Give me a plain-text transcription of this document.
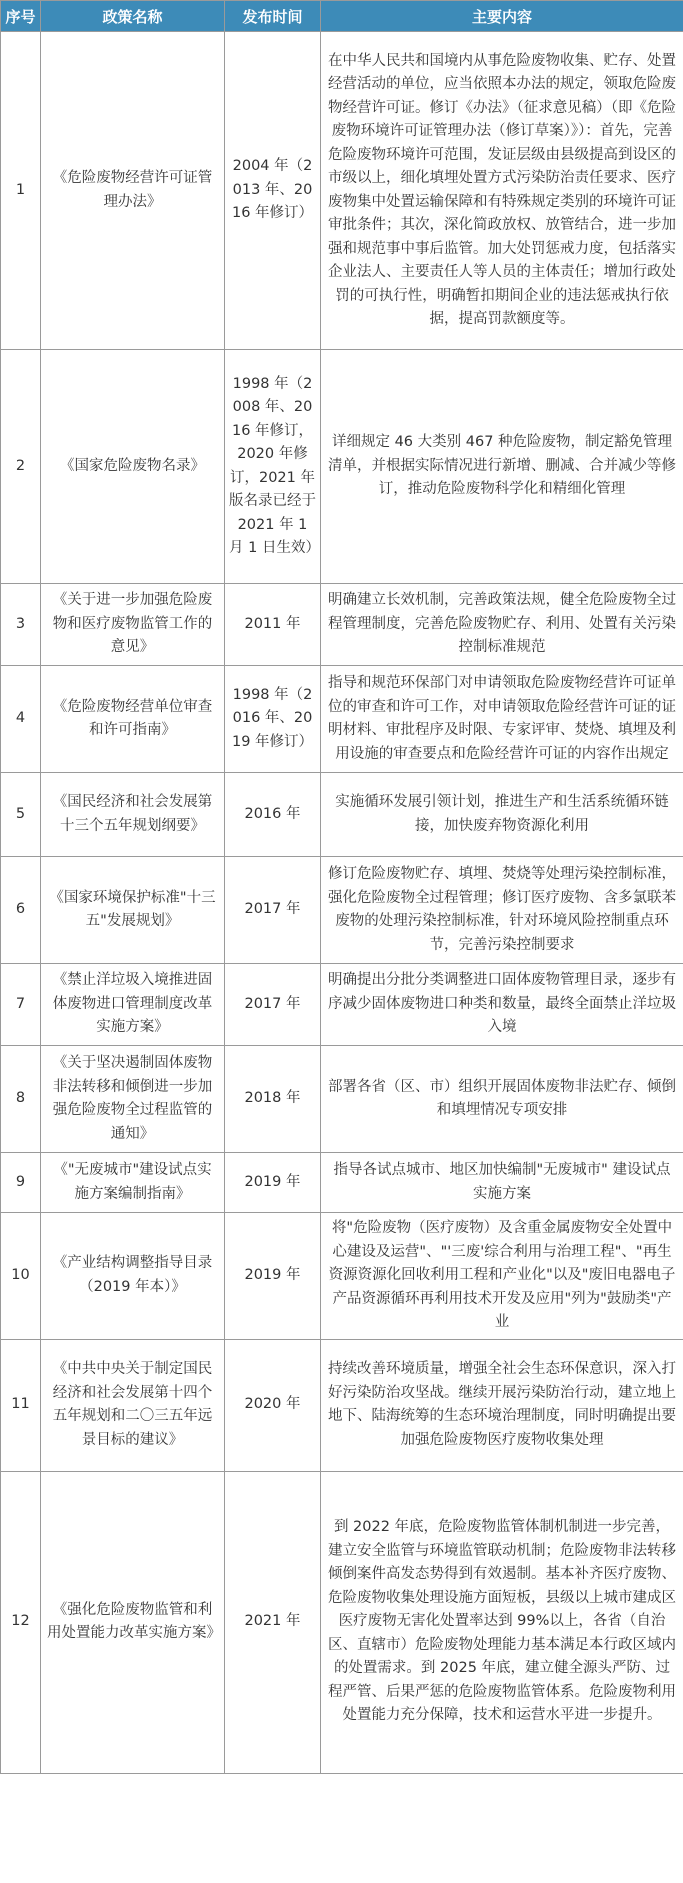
序号	政策名称	发布时间	主要内容
1	《危险废物经营许可证管理办法》	2004 年（2013 年、2016 年修订）	在中华人民共和国境内从事危险废物收集、贮存、处置经营活动的单位，应当依照本办法的规定，领取危险废物经营许可证。修订《办法》（征求意见稿）（即《危险废物环境许可证管理办法（修订草案）》）：首先，完善危险废物环境许可范围，发证层级由县级提高到设区的市级以上，细化填埋处置方式污染防治责任要求、医疗废物集中处置运输保障和有特殊规定类别的环境许可证审批条件；其次，深化简政放权、放管结合，进一步加强和规范事中事后监管。加大处罚惩戒力度，包括落实企业法人、主要责任人等人员的主体责任；增加行政处罚的可执行性，明确暂扣期间企业的违法惩戒执行依据，提高罚款额度等。
2	《国家危险废物名录》	1998 年（2008 年、2016 年修订，2020 年修订，2021 年版名录已经于 2021 年 1 月 1 日生效）	详细规定 46 大类别 467 种危险废物，制定豁免管理清单，并根据实际情况进行新增、删减、合并减少等修订，推动危险废物科学化和精细化管理
3	《关于进一步加强危险废物和医疗废物监管工作的意见》	2011 年	明确建立长效机制，完善政策法规，健全危险废物全过程管理制度，完善危险废物贮存、利用、处置有关污染控制标准规范
4	《危险废物经营单位审查和许可指南》	1998 年（2016 年、2019 年修订）	指导和规范环保部门对申请领取危险废物经营许可证单位的审查和许可工作，对申请领取危险经营许可证的证明材料、审批程序及时限、专家评审、焚烧、填埋及利用设施的审查要点和危险经营许可证的内容作出规定
5	《国民经济和社会发展第十三个五年规划纲要》	2016 年	实施循环发展引领计划，推进生产和生活系统循环链接，加快废弃物资源化利用
6	《国家环境保护标准"十三五"发展规划》	2017 年	修订危险废物贮存、填埋、焚烧等处理污染控制标准，强化危险废物全过程管理；修订医疗废物、含多氯联苯废物的处理污染控制标准，针对环境风险控制重点环节，完善污染控制要求
7	《禁止洋垃圾入境推进固体废物进口管理制度改革实施方案》	2017 年	明确提出分批分类调整进口固体废物管理目录，逐步有序减少固体废物进口种类和数量，最终全面禁止洋垃圾入境
8	《关于坚决遏制固体废物非法转移和倾倒进一步加强危险废物全过程监管的通知》	2018 年	部署各省（区、市）组织开展固体废物非法贮存、倾倒和填埋情况专项安排
9	《"无废城市"建设试点实施方案编制指南》	2019 年	指导各试点城市、地区加快编制"无废城市" 建设试点实施方案
10	《产业结构调整指导目录（2019 年本）》	2019 年	将"危险废物（医疗废物）及含重金属废物安全处置中心建设及运营"、"'三废'综合利用与治理工程"、"再生资源资源化回收利用工程和产业化"以及"废旧电器电子产品资源循环再利用技术开发及应用"列为"鼓励类"产业
11	《中共中央关于制定国民经济和社会发展第十四个五年规划和二〇三五年远景目标的建议》	2020 年	持续改善环境质量，增强全社会生态环保意识，深入打好污染防治攻坚战。继续开展污染防治行动，建立地上地下、陆海统筹的生态环境治理制度，同时明确提出要加强危险废物医疗废物收集处理
12	《强化危险废物监管和利用处置能力改革实施方案》	2021 年	到 2022 年底，危险废物监管体制机制进一步完善，建立安全监管与环境监管联动机制；危险废物非法转移倾倒案件高发态势得到有效遏制。基本补齐医疗废物、危险废物收集处理设施方面短板，县级以上城市建成区医疗废物无害化处置率达到 99%以上，各省（自治区、直辖市）危险废物处理能力基本满足本行政区域内的处置需求。到 2025 年底，建立健全源头严防、过程严管、后果严惩的危险废物监管体系。危险废物利用处置能力充分保障，技术和运营水平进一步提升。
